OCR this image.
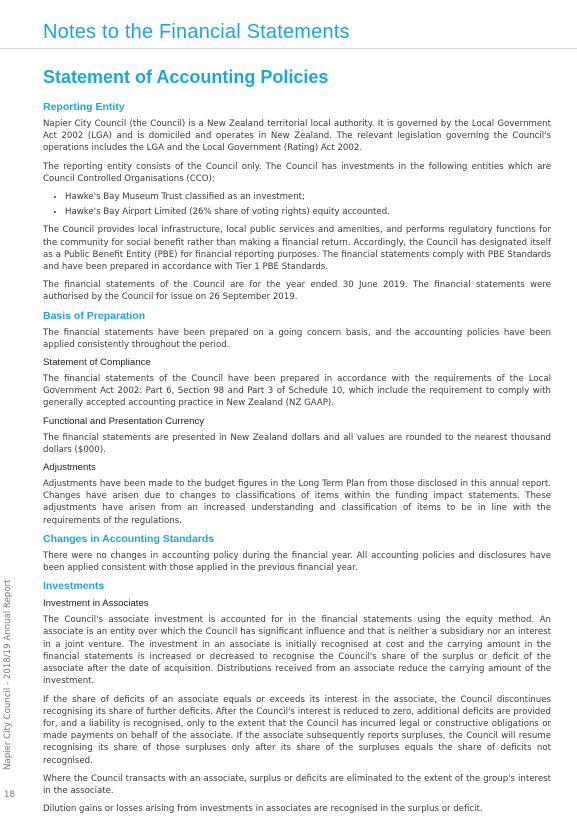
Notes to the Financial Statements
Statement of Accounting Policies
Reporting Entity

Napier City Council (the Council) is a New Zealand territorial local authority. It is governed by the Local Government Act 2002 (LGA) and is domiciled and operates in New Zealand. The relevant legislation governing the Council's operations includes the LGA and the Local Government (Rating) Act 2002.

The reporting entity consists of the Council only. The Council has investments in the following entities which are Council Controlled Organisations (CCO):

• Hawke's Bay Museum Trust classified as an investment;
• Hawke's Bay Airport Limited (26% share of voting rights) equity accounted.

The Council provides local infrastructure, local public services and amenities, and performs regulatory functions for the community for social benefit rather than making a financial return. Accordingly, the Council has designated itself as a Public Benefit Entity (PBE) for financial reporting purposes. The financial statements comply with PBE Standards and have been prepared in accordance with Tier 1 PBE Standards.

The financial statements of the Council are for the year ended 30 June 2019. The financial statements were authorised by the Council for issue on 26 September 2019.

Basis of Preparation

The financial statements have been prepared on a going concern basis, and the accounting policies have been applied consistently throughout the period.

Statement of Compliance

The financial statements of the Council have been prepared in accordance with the requirements of the Local Government Act 2002: Part 6, Section 98 and Part 3 of Schedule 10, which include the requirement to comply with generally accepted accounting practice in New Zealand (NZ GAAP).

Functional and Presentation Currency

The financial statements are presented in New Zealand dollars and all values are rounded to the nearest thousand dollars ($000).

Adjustments

Adjustments have been made to the budget figures in the Long Term Plan from those disclosed in this annual report. Changes have arisen due to changes to classifications of items within the funding impact statements. These adjustments have arisen from an increased understanding and classification of items to be in line with the requirements of the regulations.

Changes in Accounting Standards

There were no changes in accounting policy during the financial year. All accounting policies and disclosures have been applied consistent with those applied in the previous financial year.

Investments
Investment in Associates

The Council's associate investment is accounted for in the financial statements using the equity method. An associate is an entity over which the Council has significant influence and that is neither a subsidiary nor an interest in a joint venture. The investment in an associate is initially recognised at cost and the carrying amount in the financial statements is increased or decreased to recognise the Council's share of the surplus or deficit of the associate after the date of acquisition. Distributions received from an associate reduce the carrying amount of the investment.

If the share of deficits of an associate equals or exceeds its interest in the associate, the Council discontinues recognising its share of further deficits. After the Council's interest is reduced to zero, additional deficits are provided for, and a liability is recognised, only to the extent that the Council has incurred legal or constructive obligations or made payments on behalf of the associate. If the associate subsequently reports surpluses, the Council will resume recognising its share of those surpluses only after its share of the surpluses equals the share of deficits not recognised.

Where the Council transacts with an associate, surplus or deficits are eliminated to the extent of the group's interest in the associate.

Dilution gains or losses arising from investments in associates are recognised in the surplus or deficit.

Napier City Council - 2018/19 Annual Report
18
